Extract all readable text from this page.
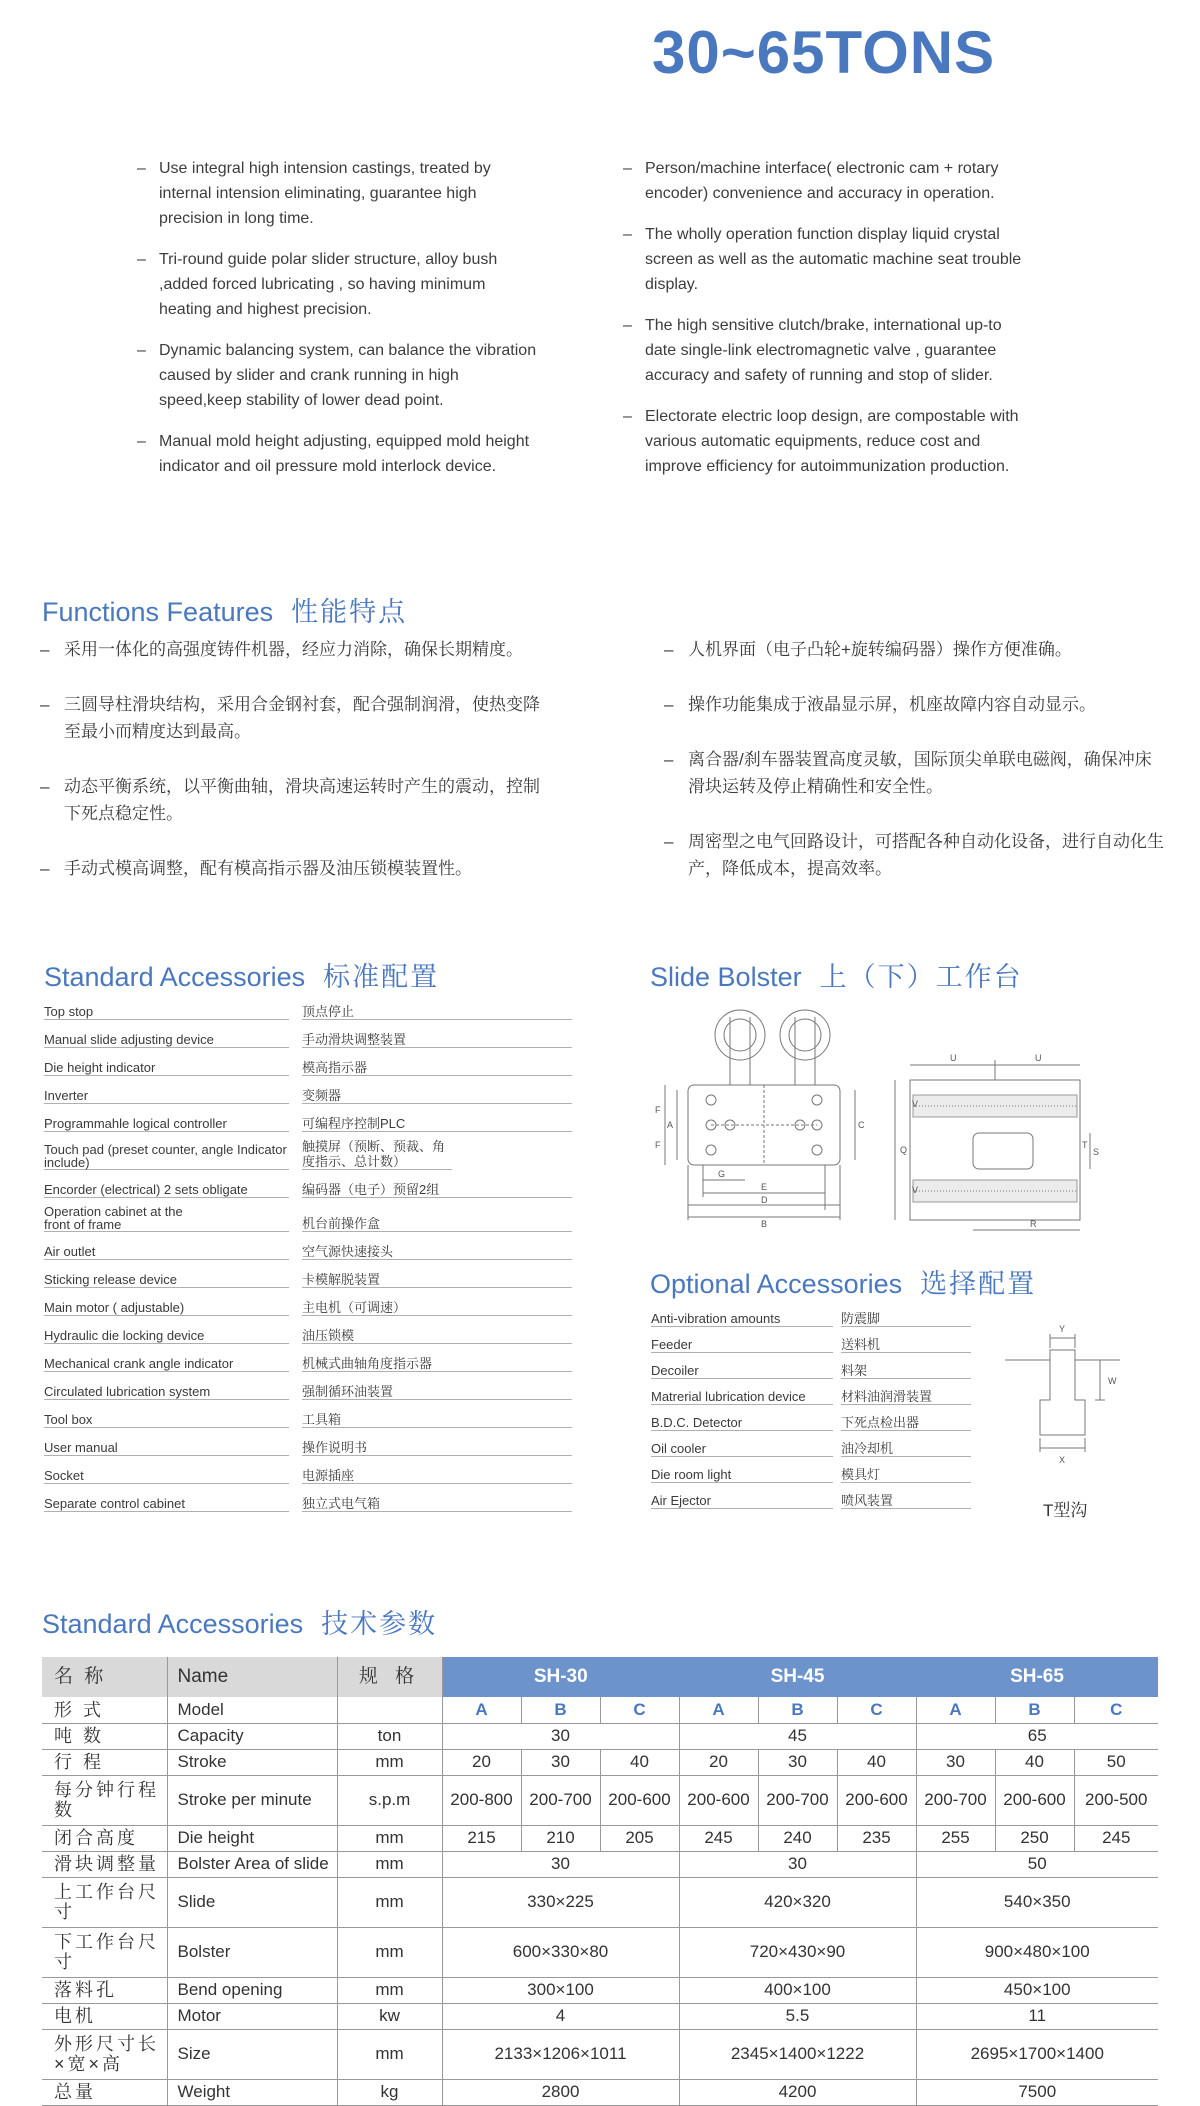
30~65TONS
– Use integral high intension castings, treated by internal intension eliminating, guarantee high precision in long time.
– Tri-round guide polar slider structure, alloy bush ,added forced lubricating , so having minimum heating and highest precision.
– Dynamic balancing system, can balance the vibration caused by slider and crank running in high speed,keep stability of lower dead point.
– Manual mold height adjusting, equipped mold height indicator and oil pressure mold interlock device.
– Person/machine interface( electronic cam + rotary encoder) convenience and accuracy in operation.
– The wholly operation function display liquid crystal screen as well as the automatic machine seat trouble display.
– The high sensitive clutch/brake, international up-to date single-link electromagnetic valve , guarantee accuracy and safety of running and stop of slider.
– Electorate electric loop design, are compostable with various automatic equipments, reduce cost and improve efficiency for autoimmunization production.
Functions Features 性能特点
– 采用一体化的高强度铸件机器，经应力消除，确保长期精度。
– 三圆导柱滑块结构，采用合金钢衬套，配合强制润滑，使热变降至最小而精度达到最高。
– 动态平衡系统，以平衡曲轴，滑块高速运转时产生的震动，控制下死点稳定性。
– 手动式模高调整，配有模高指示器及油压锁模装置性。
– 人机界面（电子凸轮+旋转编码器）操作方便准确。
– 操作功能集成于液晶显示屏，机座故障内容自动显示。
– 离合器/刹车器装置高度灵敏，国际顶尖单联电磁阀，确保冲床滑块运转及停止精确性和安全性。
– 周密型之电气回路设计，可搭配各种自动化设备，进行自动化生产，降低成本，提高效率。
Standard Accessories 标准配置
Top stop	顶点停止
Manual slide adjusting device	手动滑块调整装置
Die height indicator	模高指示器
Inverter	变频器
Programmahle logical controller	可编程序控制PLC
Touch pad (preset counter, angle Indicator include)
触摸屏（预断、预裁、角度指示、总计数）
Encorder (electrical) 2 sets obligate	编码器（电子）预留2组
Operation cabinet at the front of frame	机台前操作盒
Air outlet	空气源快速接头
Sticking release device	卡模解脱装置
Main motor ( adjustable)	主电机（可调速）
Hydraulic die locking device	油压锁模
Mechanical crank angle indicator	机械式曲轴角度指示器
Circulated lubrication system	强制循环油装置
Tool box	工具箱
User manual	操作说明书
Socket	电源插座
Separate control cabinet	独立式电气箱
Slide Bolster 上（下）工作台
F
A
F
G
E
D
B
C
U	U
V
V
Q	T
S
R
Optional Accessories 选择配置
Anti-vibration amounts	防震脚
Feeder	送料机
Decoiler	料架
Matrerial lubrication device	材料油润滑装置
B.D.C. Detector	下死点检出器
Oil cooler	油冷却机
Die room light	模具灯
Air Ejector	喷风装置
Y
W
X
T型沟
Standard Accessories 技术参数
名 称	Name	规 格	SH-30			SH-45			SH-65		
形 式	Model		A	B	C	A	B	C	A	B	C
吨 数	Capacity	ton	30			45			65		
行 程	Stroke	mm	20	30	40	20	30	40	30	40	50
每分钟行程数	Stroke per minute	s.p.m	200-800	200-700	200-600	200-600	200-700	200-600	200-700	200-600	200-500
闭合高度	Die height	mm	215	210	205	245	240	235	255	250	245
滑块调整量	Bolster Area of slide	mm	30			30			50		
上工作台尺寸	Slide	mm	330×225			420×320			540×350		
下工作台尺寸	Bolster	mm	600×330×80			720×430×90			900×480×100		
落料孔	Bend opening	mm	300×100			400×100			450×100		
电机	Motor	kw	4			5.5			11		
外形尺寸长×宽×高	Size	mm	2133×1206×1011			2345×1400×1222			2695×1700×1400		
总量	Weight	kg	2800			4200			7500		
